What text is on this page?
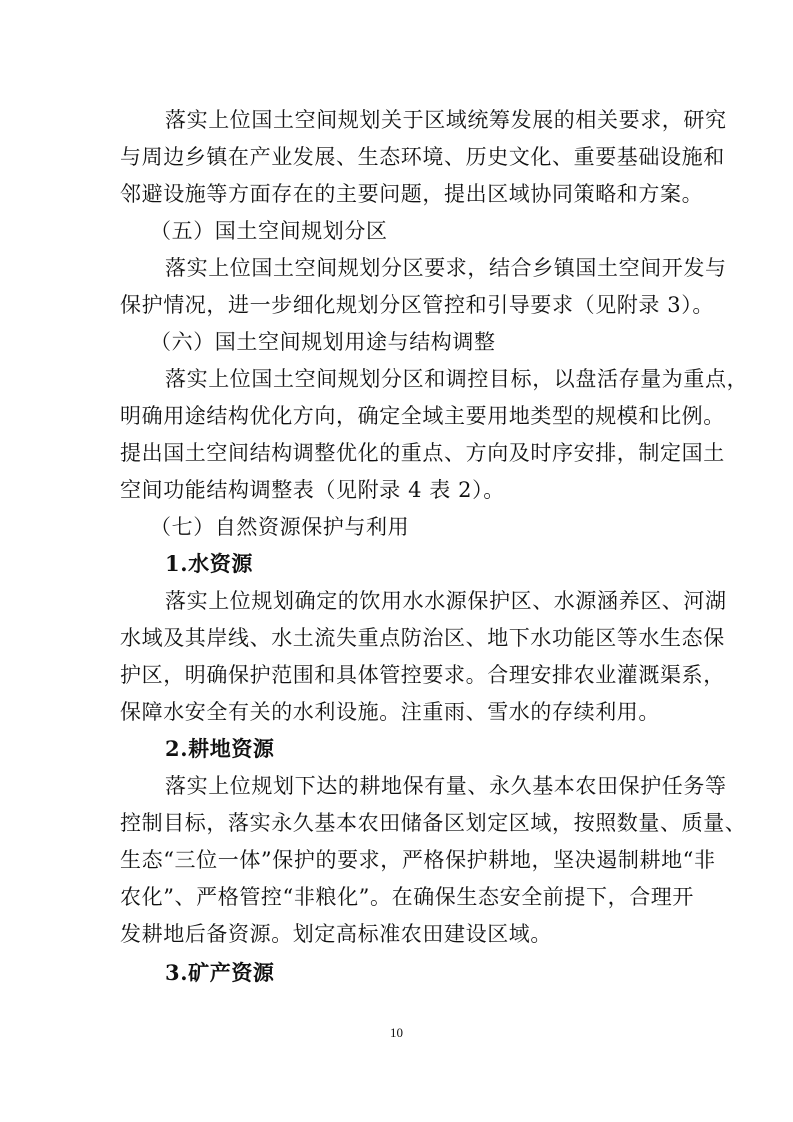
落实上位国土空间规划关于区域统筹发展的相关要求，研究
与周边乡镇在产业发展、生态环境、历史文化、重要基础设施和
邻避设施等方面存在的主要问题，提出区域协同策略和方案。
（五）国土空间规划分区
落实上位国土空间规划分区要求，结合乡镇国土空间开发与
保护情况，进一步细化规划分区管控和引导要求（见附录 3）。
（六）国土空间规划用途与结构调整
落实上位国土空间规划分区和调控目标，以盘活存量为重点，
明确用途结构优化方向，确定全域主要用地类型的规模和比例。
提出国土空间结构调整优化的重点、方向及时序安排，制定国土
空间功能结构调整表（见附录 4 表 2）。
（七）自然资源保护与利用
1.水资源
落实上位规划确定的饮用水水源保护区、水源涵养区、河湖
水域及其岸线、水土流失重点防治区、地下水功能区等水生态保
护区，明确保护范围和具体管控要求。合理安排农业灌溉渠系，
保障水安全有关的水利设施。注重雨、雪水的存续利用。
2.耕地资源
落实上位规划下达的耕地保有量、永久基本农田保护任务等
控制目标，落实永久基本农田储备区划定区域，按照数量、质量、
生态“三位一体”保护的要求，严格保护耕地，坚决遏制耕地“非
农化”、严格管控“非粮化”。在确保生态安全前提下，合理开
发耕地后备资源。划定高标准农田建设区域。
3.矿产资源
10
